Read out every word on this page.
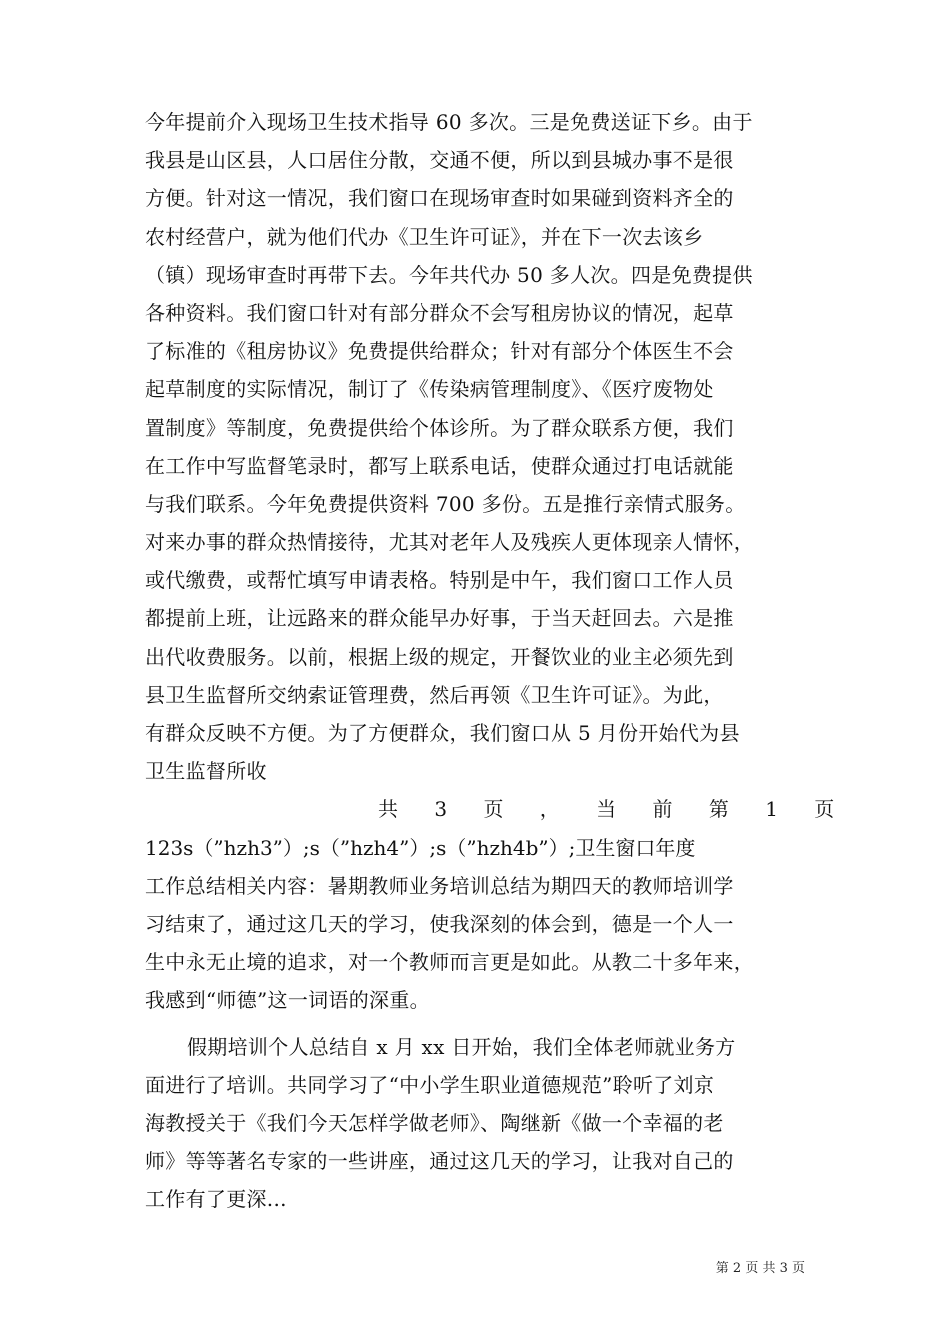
今年提前介入现场卫生技术指导 60 多次。三是免费送证下乡。由于
我县是山区县，人口居住分散，交通不便，所以到县城办事不是很
方便。针对这一情况，我们窗口在现场审查时如果碰到资料齐全的
农村经营户，就为他们代办《卫生许可证》，并在下一次去该乡
（镇）现场审查时再带下去。今年共代办 50 多人次。四是免费提供
各种资料。我们窗口针对有部分群众不会写租房协议的情况，起草
了标准的《租房协议》免费提供给群众；针对有部分个体医生不会
起草制度的实际情况，制订了《传染病管理制度》、《医疗废物处
置制度》等制度，免费提供给个体诊所。为了群众联系方便，我们
在工作中写监督笔录时，都写上联系电话，使群众通过打电话就能
与我们联系。今年免费提供资料 700 多份。五是推行亲情式服务。
对来办事的群众热情接待，尤其对老年人及残疾人更体现亲人情怀，
或代缴费，或帮忙填写申请表格。特别是中午，我们窗口工作人员
都提前上班，让远路来的群众能早办好事，于当天赶回去。六是推
出代收费服务。以前，根据上级的规定，开餐饮业的业主必须先到
县卫生监督所交纳索证管理费，然后再领《卫生许可证》。为此，
有群众反映不方便。为了方便群众，我们窗口从 5 月份开始代为县
卫生监督所收
共 3 页 ， 当 前 第 1 页
123s（”hzh3”）;s（”hzh4”）;s（”hzh4b”）;卫生窗口年度
工作总结相关内容：暑期教师业务培训总结为期四天的教师培训学
习结束了，通过这几天的学习，使我深刻的体会到，德是一个人一
生中永无止境的追求，对一个教师而言更是如此。从教二十多年来，
我感到“师德”这一词语的深重。
假期培训个人总结自 x 月 xx 日开始，我们全体老师就业务方
面进行了培训。共同学习了“中小学生职业道德规范”聆听了刘京
海教授关于《我们今天怎样学做老师》、陶继新《做一个幸福的老
师》等等著名专家的一些讲座，通过这几天的学习，让我对自己的
工作有了更深...
第 2 页 共 3 页
